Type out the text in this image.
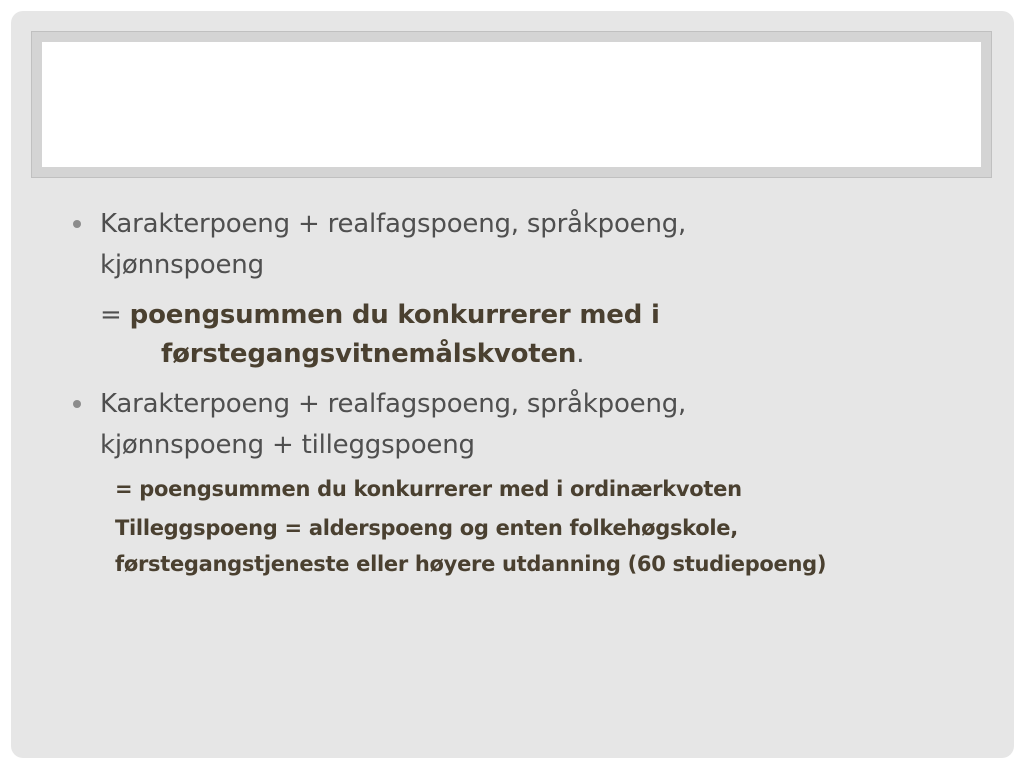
Karakterpoeng + realfagspoeng, språkpoeng,
kjønnspoeng
= poengsummen du konkurrerer med i
førstegangsvitnemålskvoten.
Karakterpoeng + realfagspoeng, språkpoeng,
kjønnspoeng + tilleggspoeng
= poengsummen du konkurrerer med i ordinærkvoten
Tilleggspoeng = alderspoeng og enten folkehøgskole,
førstegangstjeneste eller høyere utdanning (60 studiepoeng)
